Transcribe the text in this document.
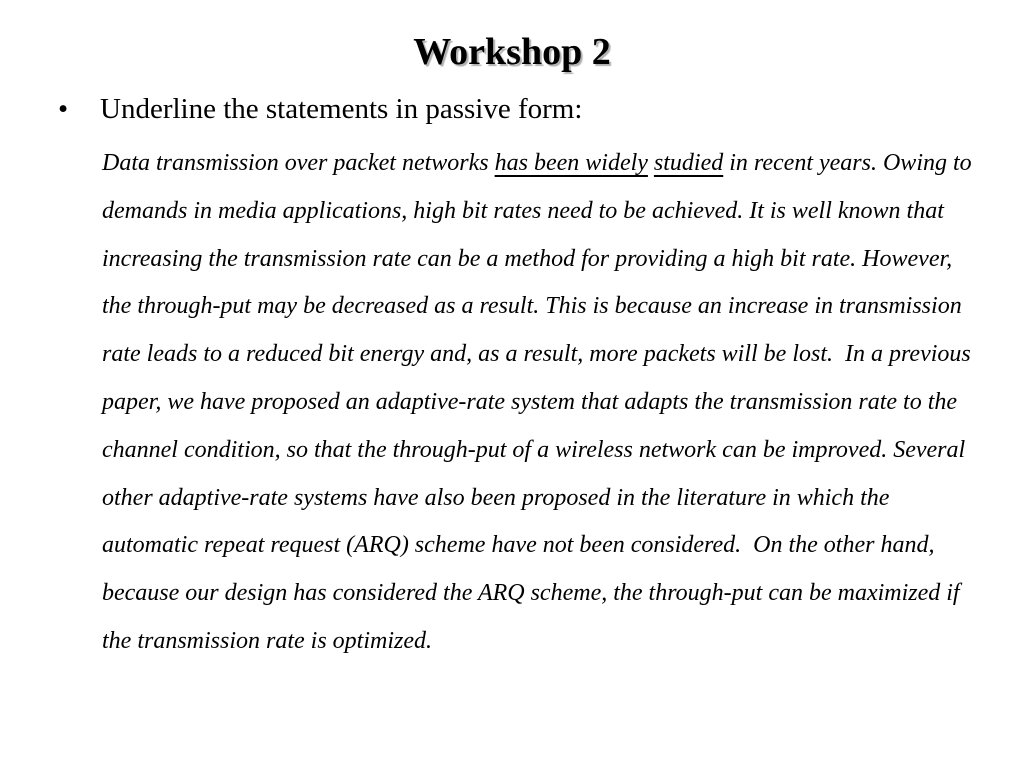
Workshop 2
•	Underline the statements in passive form:

Data transmission over packet networks has been widely studied in recent years. Owing to demands in media applications, high bit rates need to be achieved. It is well known that increasing the transmission rate can be a method for providing a high bit rate. However, the through-put may be decreased as a result. This is because an increase in transmission rate leads to a reduced bit energy and, as a result, more packets will be lost.  In a previous paper, we have proposed an adaptive-rate system that adapts the transmission rate to the channel condition, so that the through-put of a wireless network can be improved. Several other adaptive-rate systems have also been proposed in the literature in which the automatic repeat request (ARQ) scheme have not been considered.  On the other hand, because our design has considered the ARQ scheme, the through-put can be maximized if the transmission rate is optimized.
